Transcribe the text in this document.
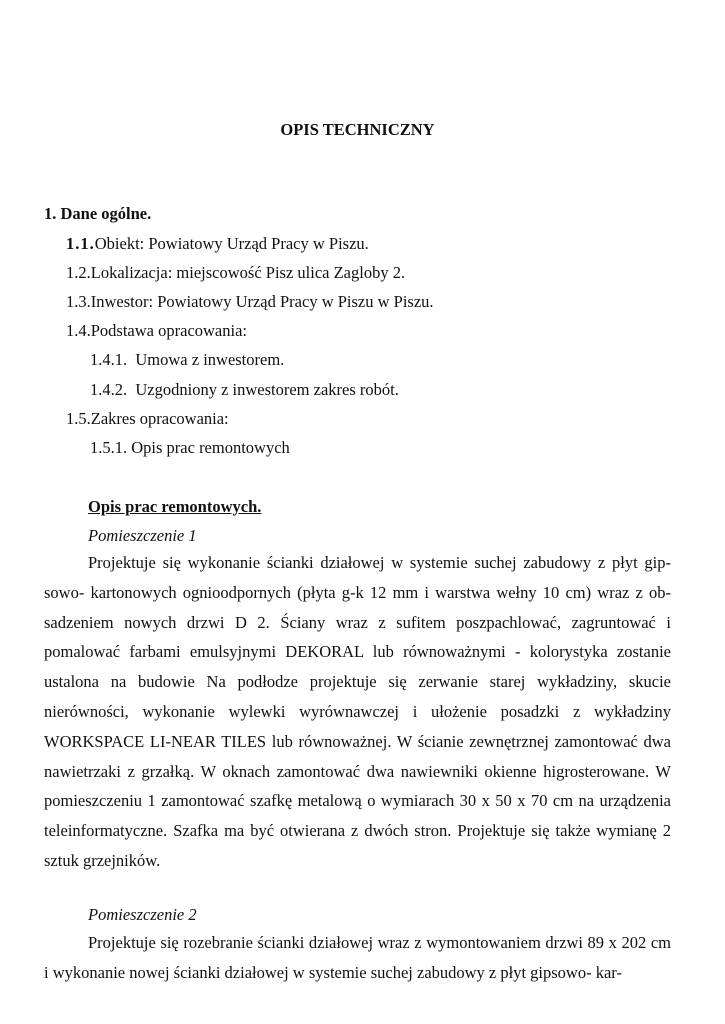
OPIS TECHNICZNY
1. Dane ogólne.
1.1.Obiekt: Powiatowy Urząd Pracy w Piszu.
1.2.Lokalizacja: miejscowość Pisz ulica Zagloby 2.
1.3.Inwestor: Powiatowy Urząd Pracy w Piszu w Piszu.
1.4.Podstawa opracowania:
1.4.1. Umowa z inwestorem.
1.4.2. Uzgodniony z inwestorem zakres robót.
1.5.Zakres opracowania:
1.5.1. Opis prac remontowych
Opis prac remontowych.
Pomieszczenie 1

Projektuje się wykonanie ścianki działowej w systemie suchej zabudowy z płyt gip-sowo- kartonowych ognioodpornych (płyta g-k 12 mm i warstwa wełny 10 cm) wraz z ob-sadzeniem nowych drzwi D 2. Ściany wraz z sufitem poszpachlować, zagruntować i pomalować farbami emulsyjnymi DEKORAL lub równoważnymi - kolorystyka zostanie ustalona na budowie Na podłodze projektuje się zerwanie starej wykładziny, skucie nierówności, wykonanie wylewki wyrównawczej i ułożenie posadzki z wykładziny WORKSPACE LI-NEAR TILES lub równoważnej. W ścianie zewnętrznej zamontować dwa nawietrzaki z grzałką. W oknach zamontować dwa nawiewniki okienne higrosterowane. W pomieszczeniu 1 zamontować szafkę metalową o wymiarach 30 x 50 x 70 cm na urządzenia teleinformatyczne. Szafka ma być otwierana z dwóch stron. Projektuje się także wymianę 2 sztuk grzejników.

Pomieszczenie 2

Projektuje się rozebranie ścianki działowej wraz z wymontowaniem drzwi 89 x 202 cm i wykonanie nowej ścianki działowej w systemie suchej zabudowy z płyt gipsowo- kar-
